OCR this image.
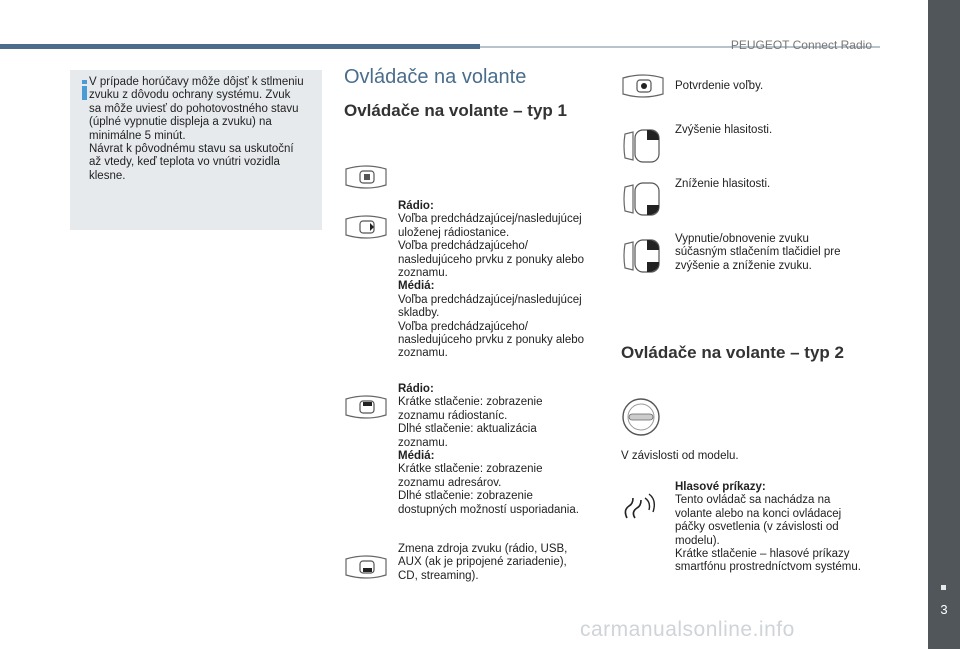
PEUGEOT Connect Radio
3
V prípade horúčavy môže dôjsť k stlmeniu
zvuku z dôvodu ochrany systému. Zvuk
sa môže uviesť do pohotovostného stavu
(úplné vypnutie displeja a zvuku) na
minimálne 5 minút.
Návrat k pôvodnému stavu sa uskutoční
až vtedy, keď teplota vo vnútri vozidla
klesne.
Ovládače na volante
Ovládače na volante – typ 1
Ovládače na volante – typ 2
Rádio:
Voľba predchádzajúcej/nasledujúcej
uloženej rádiostanice.
Voľba predchádzajúceho/
nasledujúceho prvku z ponuky alebo
zoznamu.
Médiá:
Voľba predchádzajúcej/nasledujúcej
skladby.
Voľba predchádzajúceho/
nasledujúceho prvku z ponuky alebo
zoznamu.
Rádio:
Krátke stlačenie: zobrazenie
zoznamu rádiostaníc.
Dlhé stlačenie: aktualizácia
zoznamu.
Médiá:
Krátke stlačenie: zobrazenie
zoznamu adresárov.
Dlhé stlačenie: zobrazenie
dostupných možností usporiadania.
Zmena zdroja zvuku (rádio, USB,
AUX (ak je pripojené zariadenie),
CD, streaming).
Potvrdenie voľby.
Zvýšenie hlasitosti.
Zníženie hlasitosti.
Vypnutie/obnovenie zvuku
súčasným stlačením tlačidiel pre
zvýšenie a zníženie zvuku.
V závislosti od modelu.
Hlasové príkazy:
Tento ovládač sa nachádza na
volante alebo na konci ovládacej
páčky osvetlenia (v závislosti od
modelu).
Krátke stlačenie – hlasové príkazy
smartfónu prostredníctvom systému.
carmanualsonline.info
